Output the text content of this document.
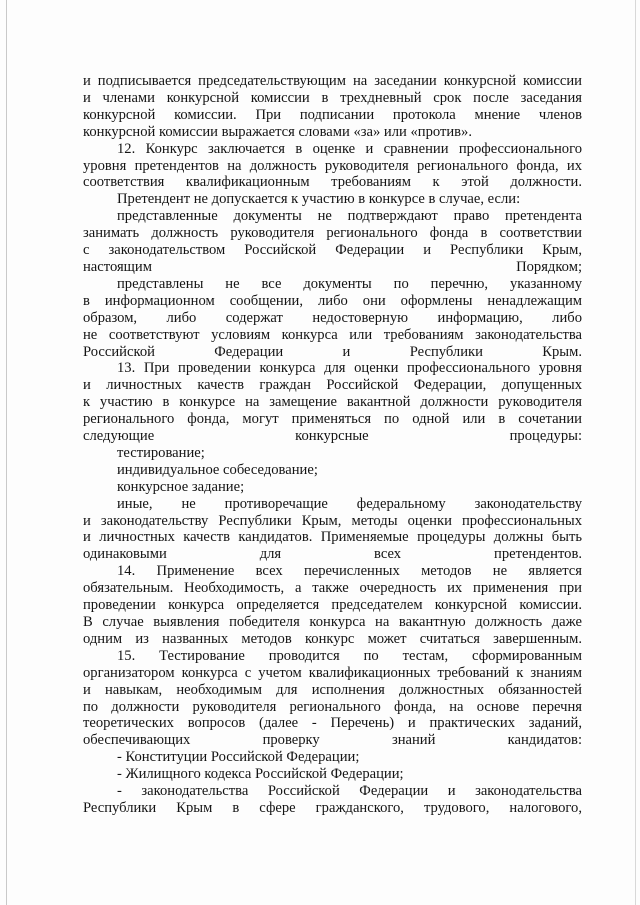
и подписывается председательствующим на заседании конкурсной комиссии
и членами конкурсной комиссии в трехдневный срок после заседания
конкурсной комиссии. При подписании протокола мнение членов
конкурсной комиссии выражается словами «за» или «против».

12. Конкурс заключается в оценке и сравнении профессионального
уровня претендентов на должность руководителя регионального фонда, их
соответствия квалификационным требованиям к этой должности.

Претендент не допускается к участию в конкурсе в случае, если:

представленные документы не подтверждают право претендента
занимать должность руководителя регионального фонда в соответствии
с законодательством Российской Федерации и Республики Крым,
настоящим Порядком;

представлены не все документы по перечню, указанному
в информационном сообщении, либо они оформлены ненадлежащим
образом, либо содержат недостоверную информацию, либо
не соответствуют условиям конкурса или требованиям законодательства
Российской Федерации и Республики Крым.

13. При проведении конкурса для оценки профессионального уровня
и личностных качеств граждан Российской Федерации, допущенных
к участию в конкурсе на замещение вакантной должности руководителя
регионального фонда, могут применяться по одной или в сочетании
следующие конкурсные процедуры:

тестирование;

индивидуальное собеседование;

конкурсное задание;

иные, не противоречащие федеральному законодательству
и законодательству Республики Крым, методы оценки профессиональных
и личностных качеств кандидатов. Применяемые процедуры должны быть
одинаковыми для всех претендентов.

14. Применение всех перечисленных методов не является
обязательным. Необходимость, а также очередность их применения при
проведении конкурса определяется председателем конкурсной комиссии.
В случае выявления победителя конкурса на вакантную должность даже
одним из названных методов конкурс может считаться завершенным.

15. Тестирование проводится по тестам, сформированным
организатором конкурса с учетом квалификационных требований к знаниям
и навыкам, необходимым для исполнения должностных обязанностей
по должности руководителя регионального фонда, на основе перечня
теоретических вопросов (далее - Перечень) и практических заданий,
обеспечивающих проверку знаний кандидатов:

- Конституции Российской Федерации;

- Жилищного кодекса Российской Федерации;

- законодательства Российской Федерации и законодательства
Республики Крым в сфере гражданского, трудового, налогового,
